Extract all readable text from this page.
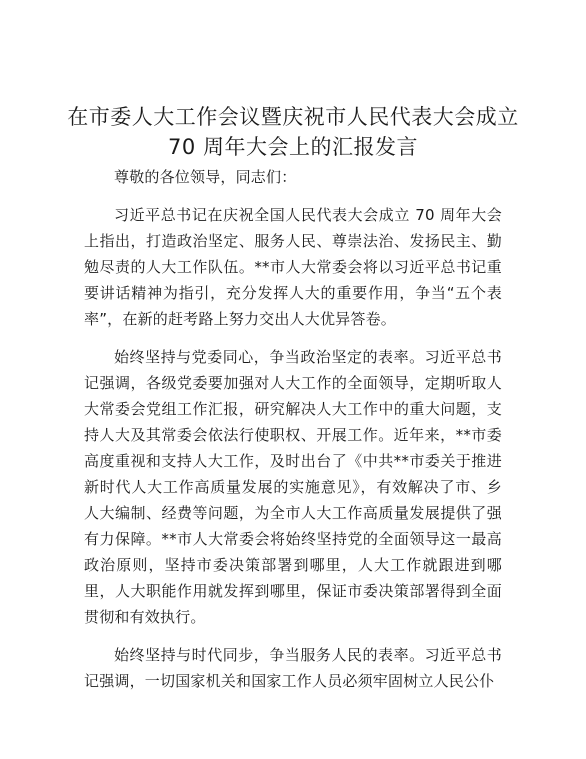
在市委人大工作会议暨庆祝市人民代表大会成立 70 周年大会上的汇报发言

尊敬的各位领导，同志们：

习近平总书记在庆祝全国人民代表大会成立 70 周年大会上指出，打造政治坚定、服务人民、尊崇法治、发扬民主、勤勉尽责的人大工作队伍。**市人大常委会将以习近平总书记重要讲话精神为指引，充分发挥人大的重要作用，争当“五个表率”，在新的赶考路上努力交出人大优异答卷。

始终坚持与党委同心，争当政治坚定的表率。习近平总书记强调，各级党委要加强对人大工作的全面领导，定期听取人大常委会党组工作汇报，研究解决人大工作中的重大问题，支持人大及其常委会依法行使职权、开展工作。近年来，**市委高度重视和支持人大工作，及时出台了《中共**市委关于推进新时代人大工作高质量发展的实施意见》，有效解决了市、乡人大编制、经费等问题，为全市人大工作高质量发展提供了强有力保障。**市人大常委会将始终坚持党的全面领导这一最高政治原则，坚持市委决策部署到哪里，人大工作就跟进到哪里，人大职能作用就发挥到哪里，保证市委决策部署得到全面贯彻和有效执行。

始终坚持与时代同步，争当服务人民的表率。习近平总书记强调，一切国家机关和国家工作人员必须牢固树立人民公仆
